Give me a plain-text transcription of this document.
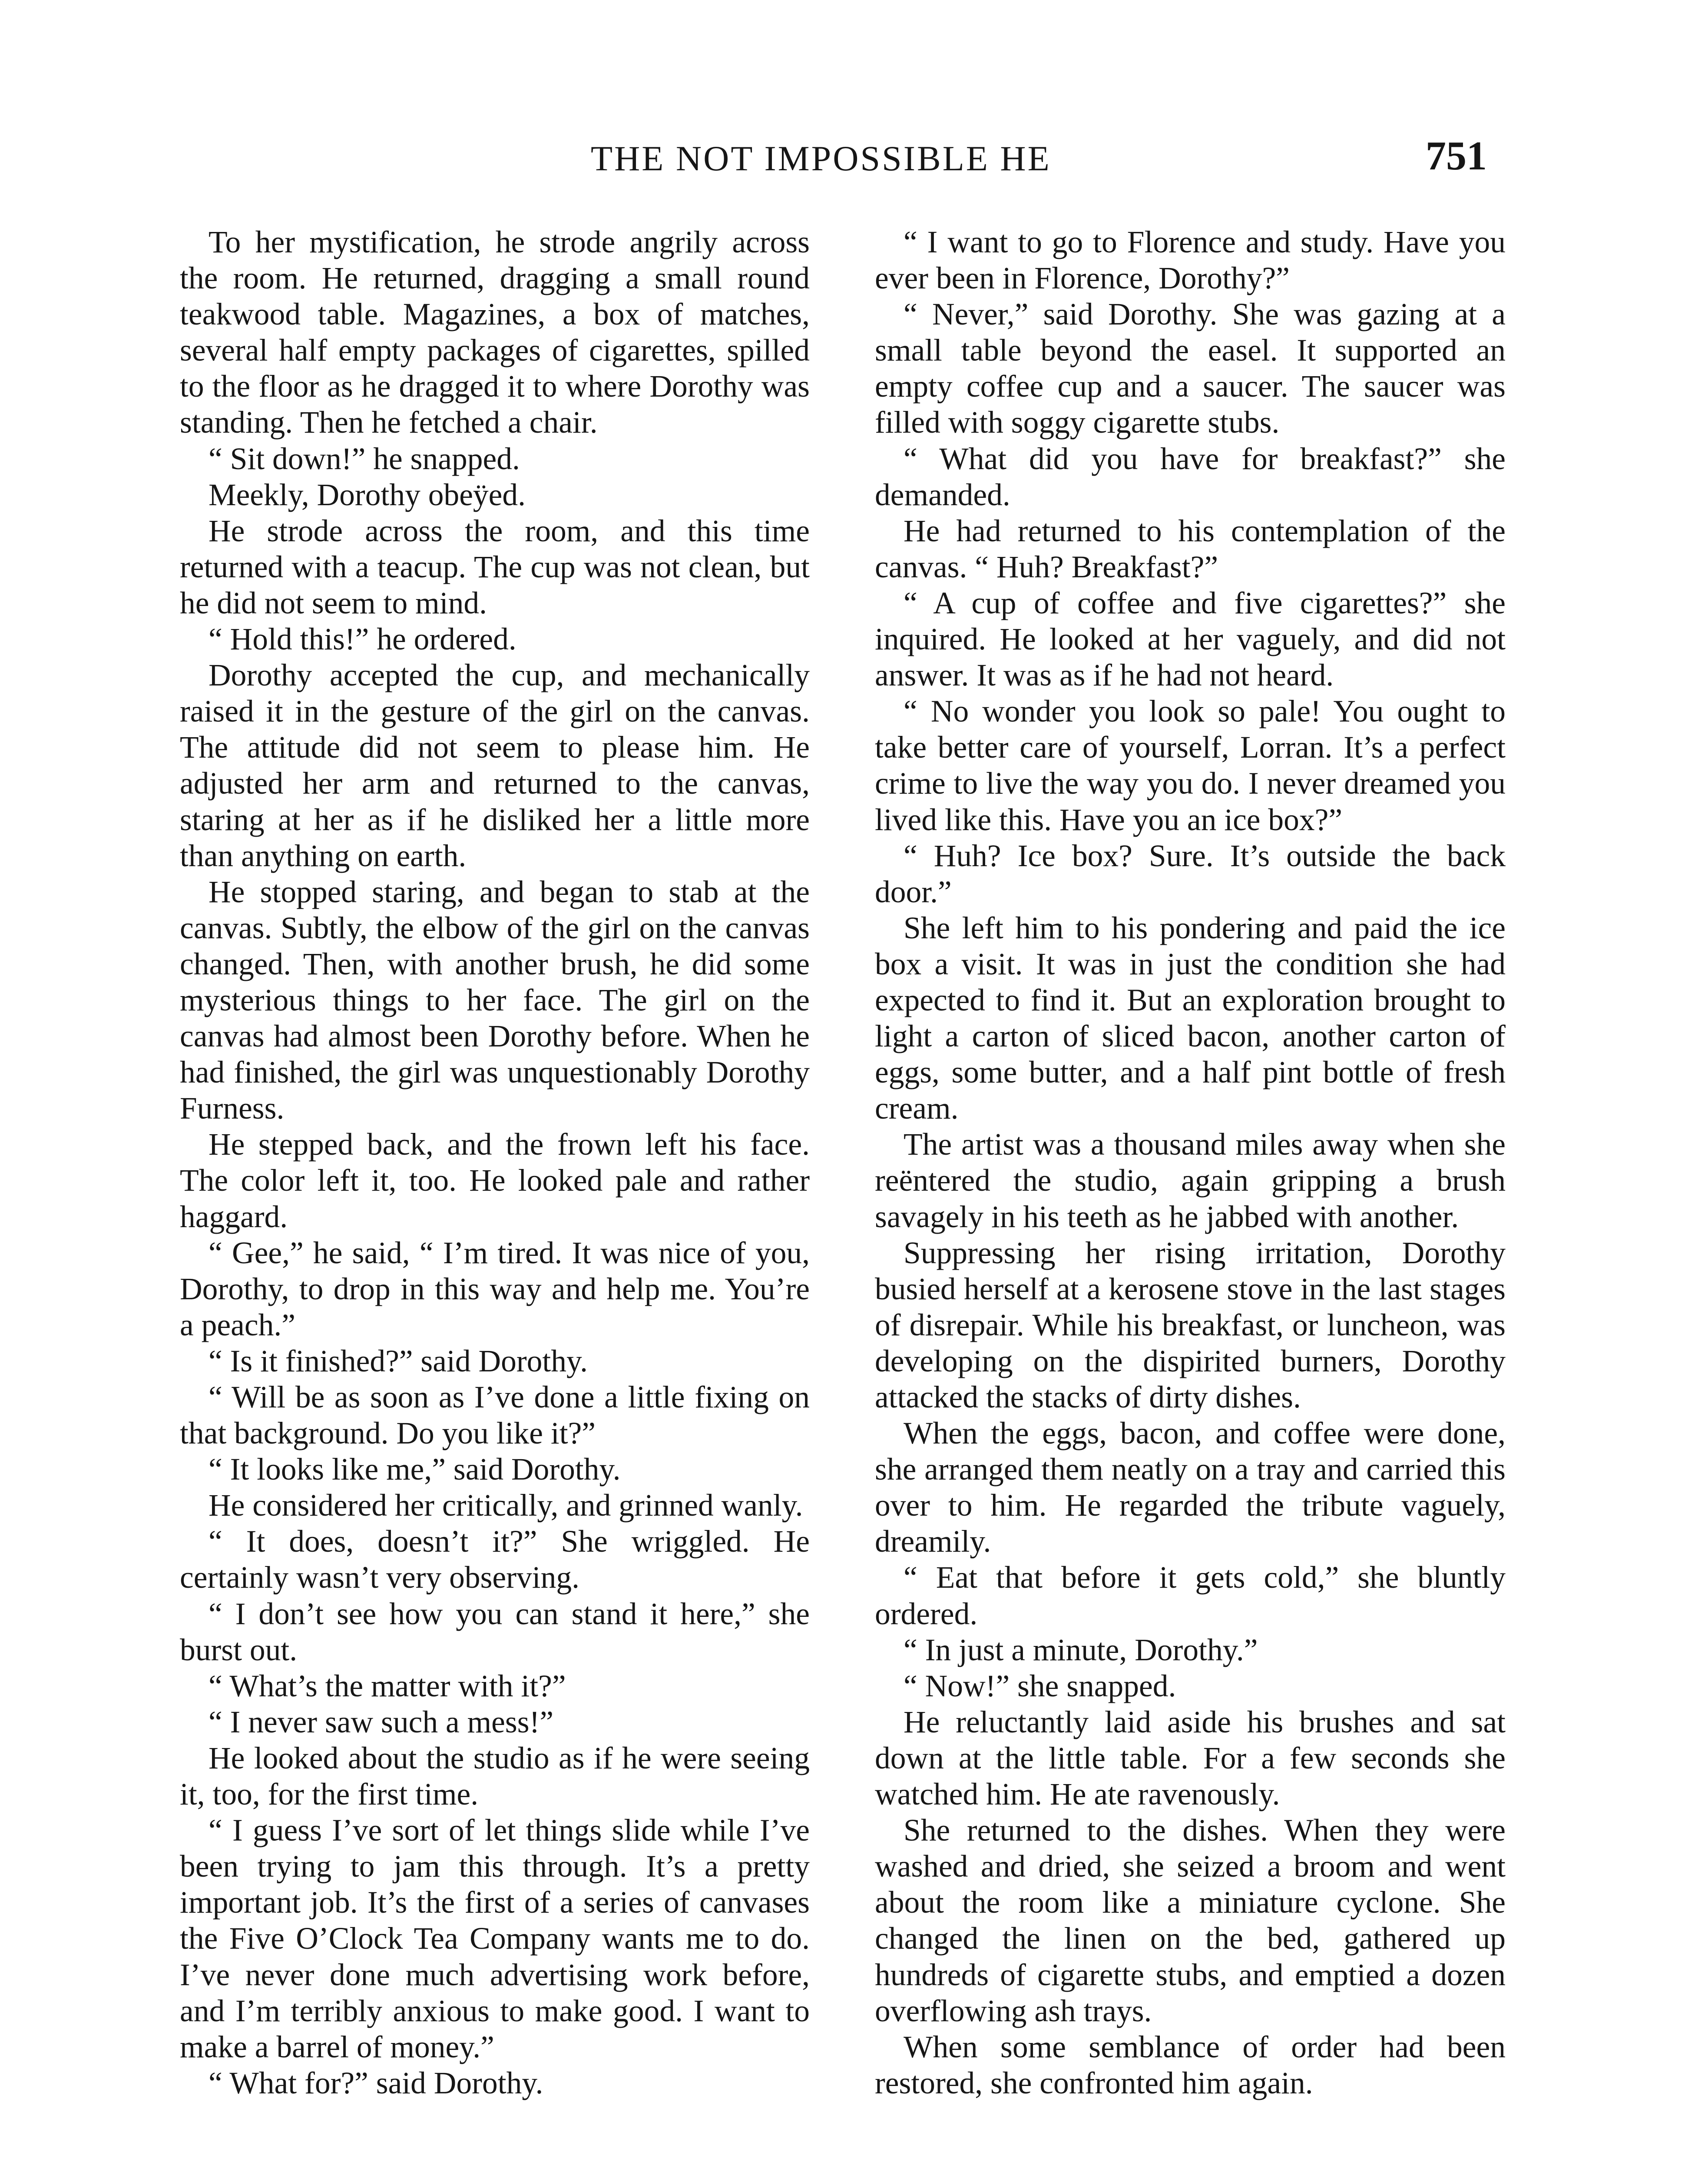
THE NOT IMPOSSIBLE HE	751

To her mystification, he strode angrily across the room. He returned, dragging a small round teakwood table. Magazines, a box of matches, several half empty packages of cigarettes, spilled to the floor as he dragged it to where Dorothy was standing. Then he fetched a chair.

“ Sit down!” he snapped.

Meekly, Dorothy obeÿed.

He strode across the room, and this time returned with a teacup. The cup was not clean, but he did not seem to mind.

“ Hold this!” he ordered.

Dorothy accepted the cup, and mechanically raised it in the gesture of the girl on the canvas. The attitude did not seem to please him. He adjusted her arm and returned to the canvas, staring at her as if he disliked her a little more than anything on earth.

He stopped staring, and began to stab at the canvas. Subtly, the elbow of the girl on the canvas changed. Then, with another brush, he did some mysterious things to her face. The girl on the canvas had almost been Dorothy before. When he had finished, the girl was unquestionably Dorothy Furness.

He stepped back, and the frown left his face. The color left it, too. He looked pale and rather haggard.

“ Gee,” he said, “ I’m tired. It was nice of you, Dorothy, to drop in this way and help me. You’re a peach.”

“ Is it finished?” said Dorothy.

“ Will be as soon as I’ve done a little fixing on that background. Do you like it?”

“ It looks like me,” said Dorothy.

He considered her critically, and grinned wanly.

“ It does, doesn’t it?” She wriggled. He certainly wasn’t very observing.

“ I don’t see how you can stand it here,” she burst out.

“ What’s the matter with it?”

“ I never saw such a mess!”

He looked about the studio as if he were seeing it, too, for the first time.

“ I guess I’ve sort of let things slide while I’ve been trying to jam this through. It’s a pretty important job. It’s the first of a series of canvases the Five O’Clock Tea Company wants me to do. I’ve never done much advertising work before, and I’m terribly anxious to make good. I want to make a barrel of money.”

“ What for?” said Dorothy.

“ I want to go to Florence and study. Have you ever been in Florence, Dorothy?”

“ Never,” said Dorothy. She was gazing at a small table beyond the easel. It supported an empty coffee cup and a saucer. The saucer was filled with soggy cigarette stubs.

“ What did you have for breakfast?” she demanded.

He had returned to his contemplation of the canvas. “ Huh? Breakfast?”

“ A cup of coffee and five cigarettes?” she inquired. He looked at her vaguely, and did not answer. It was as if he had not heard.

“ No wonder you look so pale! You ought to take better care of yourself, Lorran. It’s a perfect crime to live the way you do. I never dreamed you lived like this. Have you an ice box?”

“ Huh? Ice box? Sure. It’s outside the back door.”

She left him to his pondering and paid the ice box a visit. It was in just the condition she had expected to find it. But an exploration brought to light a carton of sliced bacon, another carton of eggs, some butter, and a half pint bottle of fresh cream.

The artist was a thousand miles away when she reëntered the studio, again gripping a brush savagely in his teeth as he jabbed with another.

Suppressing her rising irritation, Dorothy busied herself at a kerosene stove in the last stages of disrepair. While his breakfast, or luncheon, was developing on the dispirited burners, Dorothy attacked the stacks of dirty dishes.

When the eggs, bacon, and coffee were done, she arranged them neatly on a tray and carried this over to him. He regarded the tribute vaguely, dreamily.

“ Eat that before it gets cold,” she bluntly ordered.

“ In just a minute, Dorothy.”

“ Now!” she snapped.

He reluctantly laid aside his brushes and sat down at the little table. For a few seconds she watched him. He ate ravenously.

She returned to the dishes. When they were washed and dried, she seized a broom and went about the room like a miniature cyclone. She changed the linen on the bed, gathered up hundreds of cigarette stubs, and emptied a dozen overflowing ash trays.

When some semblance of order had been restored, she confronted him again.
